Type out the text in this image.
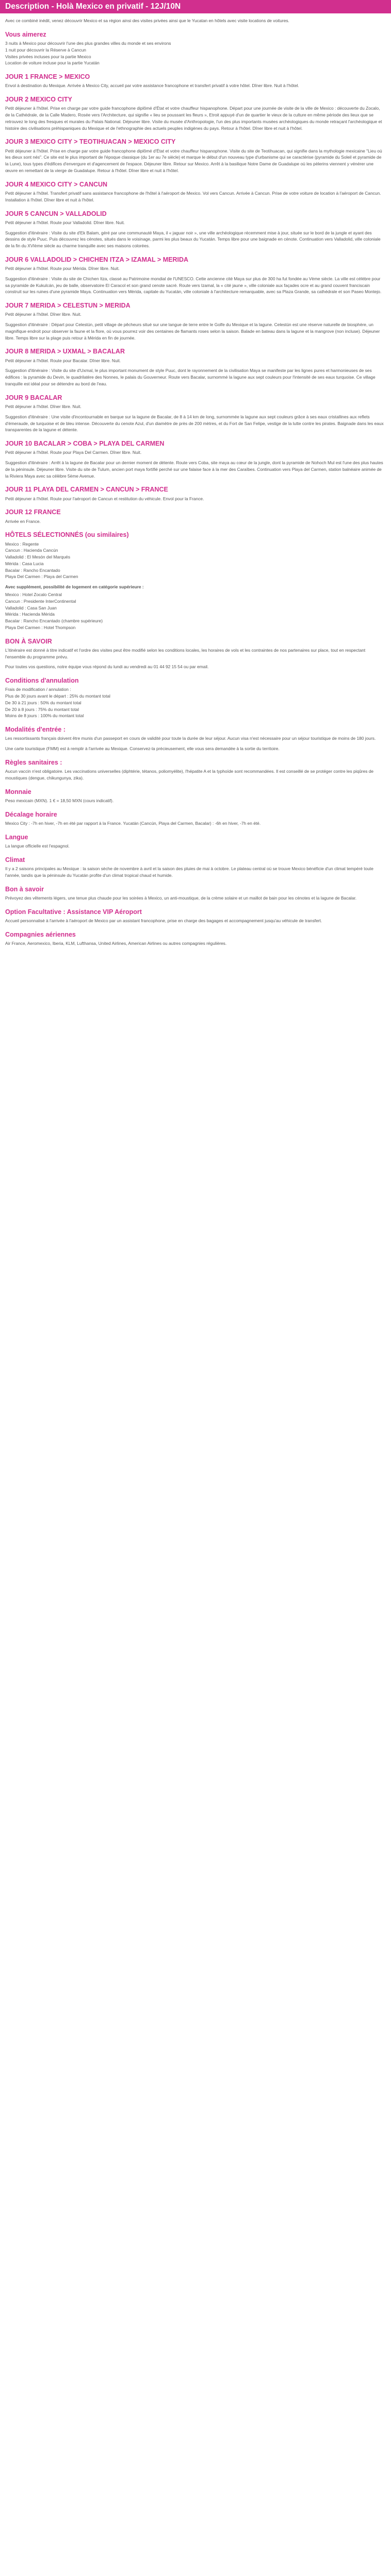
Description - Holà Mexico en privatif - 12J/10N

Avec ce combiné inédit, venez découvrir Mexico et sa région ainsi des visites privées ainsi que le Yucatan en hôtels avec visite locations de voitures.

Vous aimerez
3 nuits à Mexico pour découvrir l'une des plus grandes villes du monde et ses environs
1 nuit pour découvrir la Réserve à Cancun
Visites privées incluses pour la partie Mexico
Location de voiture incluse pour la partie Yucatán
JOUR 1 FRANCE > MEXICO

Envol à destination du Mexique. Arrivée à Mexico City, accueil par votre assistance francophone et transfert privatif à votre hôtel. Dîner libre. Nuit à l'hôtel.

JOUR 2 MEXICO CITY

Petit déjeuner à l'hôtel. Prise en charge par votre guide francophone diplômé d'État et votre chauffeur hispanophone. Départ pour une journée de visite de la ville de Mexico : découverte du Zocalo, de la Cathédrale, de la Calle Madero, Rosée vers l'Architecture, qui signifie « lieu se poussant les fleurs », Etroit appuyé d'un de quartier le vieux de la culture en même période des lieux que se retrouvez le long des fresques et murales du Palais National. Déjeuner libre. Visite du musée d'Anthropologie, l'un des plus importants musées archéologiques du monde retraçant l'archéologique et histoire des civilisations préhispaniques du Mexique et de l'ethnographie des actuels peuples indigènes du pays. Retour à l'hôtel. Dîner libre et nuit à l'hôtel.

JOUR 3 MEXICO CITY > TEOTIHUACAN > MEXICO CITY

Petit déjeuner à l'hôtel. Prise en charge par votre guide francophone diplômé d'État et votre chauffeur hispanophone. Visite du site de Teotihuacan, qui signifie dans la mythologie mexicaine "Lieu où les dieux sont nés". Ce site est le plus important de l'époque classique (du 1er au 7e siècle) et marque le début d'un nouveau type d'urbanisme qui se caractérise (pyramide du Soleil et pyramide de la Lune), tous types d'édifices d'envergure et d'agencement de l'espace. Déjeuner libre. Retour sur Mexico. Arrêt à la basilique Notre Dame de Guadalupe où les pèlerins viennent y vénérer une œuvre en remettant de la vierge de Guadalupe. Retour à l'hôtel. Dîner libre et nuit à l'hôtel.

JOUR 4 MEXICO CITY > CANCUN

Petit déjeuner à l'hôtel. Transfert privatif sans assistance francophone de l'hôtel à l'aéroport de Mexico. Vol vers Cancun. Arrivée à Cancun. Prise de votre voiture de location à l'aéroport de Cancun. Installation à l'hôtel. Dîner libre et nuit à l'hôtel.

JOUR 5 CANCUN > VALLADOLID

Petit déjeuner à l'hôtel. Route pour Valladolid. Dîner libre. Nuit.

Suggestion d'itinéraire : Visite du site d'Ek Balam, géré par une communauté Maya, il « jaguar noir », une ville archéologique récemment mise à jour, située sur le bord de la jungle et ayant des dessins de style Puuc. Puis découvrez les cénotes, situés dans le voisinage, parmi les plus beaux du Yucatán. Temps libre pour une baignade en cénote. Continuation vers Valladolid, ville coloniale de la fin du XVIème siècle au charme tranquille avec ses maisons colorées.

JOUR 6 VALLADOLID > CHICHEN ITZA > IZAMAL > MERIDA

Petit déjeuner à l'hôtel. Route pour Mérida. Dîner libre. Nuit.

Suggestion d'itinéraire : Visite du site de Chichen Itza, classé au Patrimoine mondial de l'UNESCO. Cette ancienne cité Maya sur plus de 300 ha fut fondée au Vème siècle. La ville est célèbre pour sa pyramide de Kukulcán, jeu de balle, observatoire El Caracol et son grand cenote sacré. Route vers Izamal, la « cité jaune », ville coloniale aux façades ocre et au grand couvent franciscain construit sur les ruines d'une pyramide Maya. Continuation vers Mérida, capitale du Yucatán, ville coloniale à l'architecture remarquable, avec sa Plaza Grande, sa cathédrale et son Paseo Montejo.

JOUR 7 MERIDA > CELESTUN > MERIDA

Petit déjeuner à l'hôtel. Dîner libre. Nuit.

Suggestion d'itinéraire : Départ pour Celestún, petit village de pêcheurs situé sur une langue de terre entre le Golfe du Mexique et la lagune. Celestún est une réserve naturelle de biosphère, un magnifique endroit pour observer la faune et la flore, où vous pourrez voir des centaines de flamants roses selon la saison. Balade en bateau dans la lagune et la mangrove (non incluse). Déjeuner libre. Temps libre sur la plage puis retour à Mérida en fin de journée.

JOUR 8 MERIDA > UXMAL > BACALAR

Petit déjeuner à l'hôtel. Route pour Bacalar. Dîner libre. Nuit.

Suggestion d'itinéraire : Visite du site d'Uxmal, le plus important monument de style Puuc, dont le rayonnement de la civilisation Maya se manifeste par les lignes pures et harmonieuses de ses édifices : la pyramide du Devin, le quadrilatère des Nonnes, le palais du Gouverneur. Route vers Bacalar, surnommé la lagune aux sept couleurs pour l'intensité de ses eaux turquoise. Ce village tranquille est idéal pour se détendre au bord de l'eau.

JOUR 9 BACALAR

Petit déjeuner à l'hôtel. Dîner libre. Nuit.

Suggestion d'itinéraire : Une visite d'incontournable en barque sur la lagune de Bacalar, de 8 à 14 km de long, surnommée la lagune aux sept couleurs grâce à ses eaux cristallines aux reflets d'émeraude, de turquoise et de bleu intense. Découverte du cenote Azul, d'un diamètre de près de 200 mètres, et du Fort de San Felipe, vestige de la lutte contre les pirates. Baignade dans les eaux transparentes de la lagune et détente.

JOUR 10 BACALAR > COBA > PLAYA DEL CARMEN

Petit déjeuner à l'hôtel. Route pour Playa Del Carmen. Dîner libre. Nuit.

Suggestion d'itinéraire : Arrêt à la lagune de Bacalar pour un dernier moment de détente. Route vers Coba, site maya au cœur de la jungle, dont la pyramide de Nohoch Mul est l'une des plus hautes de la péninsule. Déjeuner libre. Visite du site de Tulum, ancien port maya fortifié perché sur une falaise face à la mer des Caraïbes. Continuation vers Playa del Carmen, station balnéaire animée de la Riviera Maya avec sa célèbre 5ème Avenue.

JOUR 11 PLAYA DEL CARMEN > CANCUN > FRANCE

Petit déjeuner à l'hôtel. Route pour l'aéroport de Cancun et restitution du véhicule. Envol pour la France.

JOUR 12 FRANCE

Arrivée en France.

HÔTELS SÉLECTIONNÉS (ou similaires)
Mexico : Regente
Cancun : Hacienda Cancún
Valladolid : El Mesón del Marqués
Mérida : Casa Lucia
Bacalar : Rancho Encantado
Playa Del Carmen : Playa del Carmen
Avec supplément, possibilité de logement en catégorie supérieure :
Mexico : Hotel Zocalo Central
Cancun : Presidente InterContinental
Valladolid : Casa San Juan
Mérida : Hacienda Mérida
Bacalar : Rancho Encantado (chambre supérieure)
Playa Del Carmen : Hotel Thompson
BON À SAVOIR

L'itinéraire est donné à titre indicatif et l'ordre des visites peut être modifié selon les conditions locales, les horaires de vols et les contraintes de nos partenaires sur place, tout en respectant l'ensemble du programme prévu.

Pour toutes vos questions, notre équipe vous répond du lundi au vendredi au 01 44 92 15 54 ou par email.

Conditions d'annulation
Frais de modification / annulation :
Plus de 30 jours avant le départ : 25% du montant total
De 30 à 21 jours : 50% du montant total
De 20 à 8 jours : 75% du montant total
Moins de 8 jours : 100% du montant total
Modalités d'entrée :

Les ressortissants français doivent être munis d'un passeport en cours de validité pour toute la durée de leur séjour. Aucun visa n'est nécessaire pour un séjour touristique de moins de 180 jours.

Une carte touristique (FMM) est à remplir à l'arrivée au Mexique. Conservez-la précieusement, elle vous sera demandée à la sortie du territoire.

Règles sanitaires :

Aucun vaccin n'est obligatoire. Les vaccinations universelles (diphtérie, tétanos, poliomyélite), l'hépatite A et la typhoïde sont recommandées. Il est conseillé de se protéger contre les piqûres de moustiques (dengue, chikungunya, zika).

Monnaie

Peso mexicain (MXN). 1 € = 18,50 MXN (cours indicatif).

Décalage horaire

Mexico City : -7h en hiver, -7h en été par rapport à la France. Yucatán (Cancún, Playa del Carmen, Bacalar) : -6h en hiver, -7h en été.

Langue

La langue officielle est l'espagnol.

Climat

Il y a 2 saisons principales au Mexique : la saison sèche de novembre à avril et la saison des pluies de mai à octobre. Le plateau central où se trouve Mexico bénéficie d'un climat tempéré toute l'année, tandis que la péninsule du Yucatán profite d'un climat tropical chaud et humide.

Bon à savoir

Prévoyez des vêtements légers, une tenue plus chaude pour les soirées à Mexico, un anti-moustique, de la crème solaire et un maillot de bain pour les cénotes et la lagune de Bacalar.

Option Facultative : Assistance VIP Aéroport

Accueil personnalisé à l'arrivée à l'aéroport de Mexico par un assistant francophone, prise en charge des bagages et accompagnement jusqu'au véhicule de transfert.

Compagnies aériennes

Air France, Aeromexico, Iberia, KLM, Lufthansa, United Airlines, American Airlines ou autres compagnies régulières.
